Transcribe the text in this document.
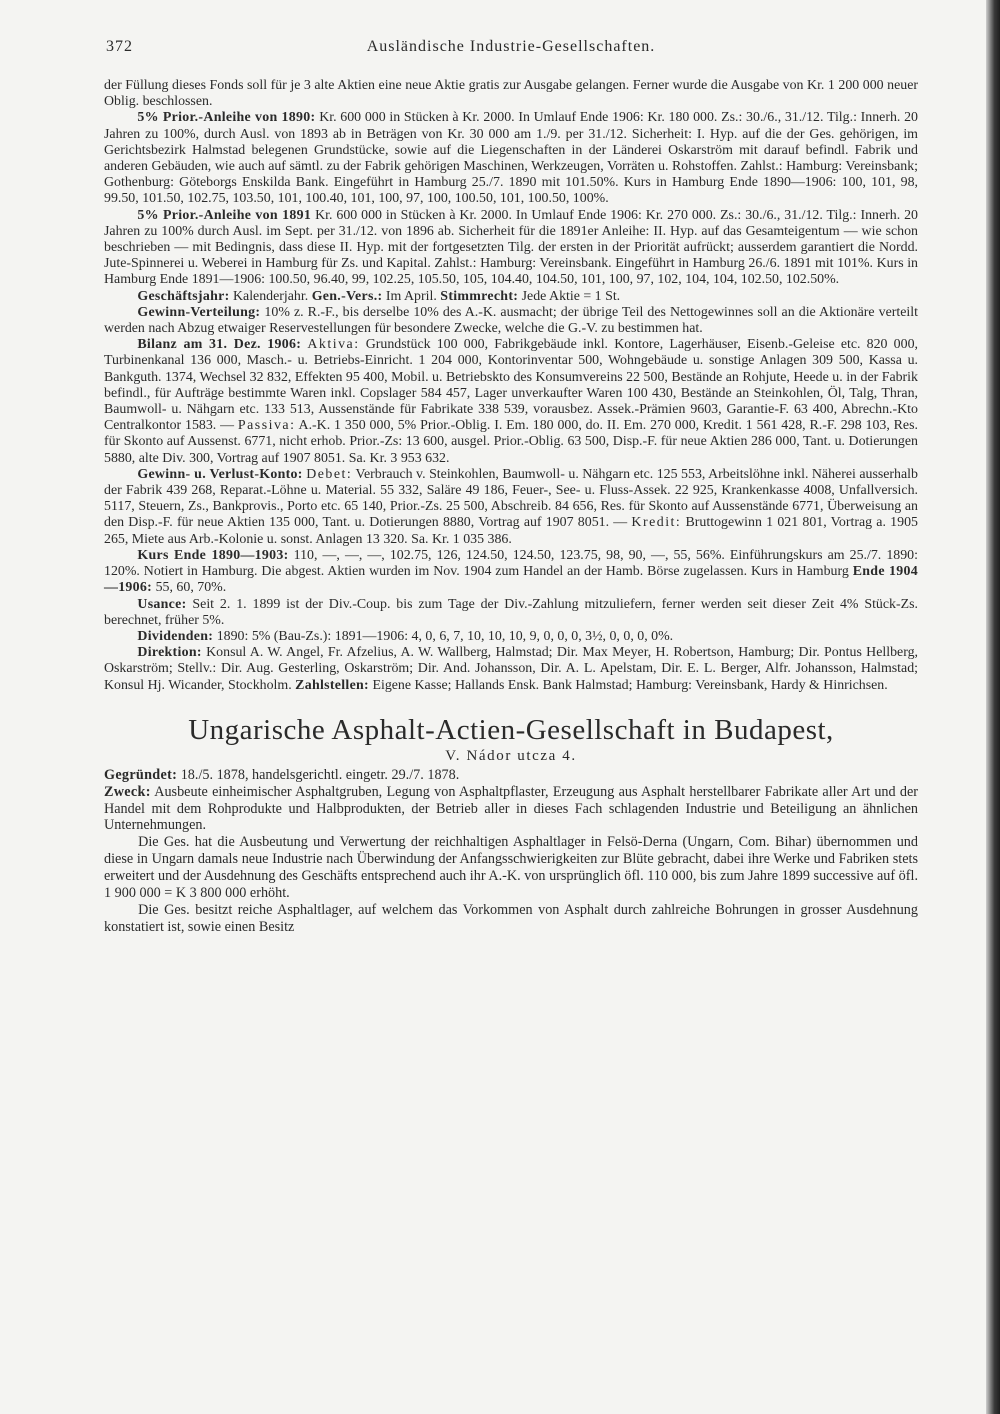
372	Ausländische Industrie-Gesellschaften.

der Füllung dieses Fonds soll für je 3 alte Aktien eine neue Aktie gratis zur Ausgabe gelangen. Ferner wurde die Ausgabe von Kr. 1 200 000 neuer Oblig. beschlossen.

5% Prior.-Anleihe von 1890: Kr. 600 000 in Stücken à Kr. 2000. In Umlauf Ende 1906: Kr. 180 000. Zs.: 30./6., 31./12. Tilg.: Innerh. 20 Jahren zu 100%, durch Ausl. von 1893 ab in Beträgen von Kr. 30 000 am 1./9. per 31./12. Sicherheit: I. Hyp. auf die der Ges. gehörigen, im Gerichtsbezirk Halmstad belegenen Grundstücke, sowie auf die Liegenschaften in der Länderei Oskarström mit darauf befindl. Fabrik und anderen Gebäuden, wie auch auf sämtl. zu der Fabrik gehörigen Maschinen, Werkzeugen, Vorräten u. Rohstoffen. Zahlst.: Hamburg: Vereinsbank; Gothenburg: Göteborgs Enskilda Bank. Eingeführt in Hamburg 25./7. 1890 mit 101.50%. Kurs in Hamburg Ende 1890—1906: 100, 101, 98, 99.50, 101.50, 102.75, 103.50, 101, 100.40, 101, 100, 97, 100, 100.50, 101, 100.50, 100%.

5% Prior.-Anleihe von 1891 Kr. 600 000 in Stücken à Kr. 2000. In Umlauf Ende 1906: Kr. 270 000. Zs.: 30./6., 31./12. Tilg.: Innerh. 20 Jahren zu 100% durch Ausl. im Sept. per 31./12. von 1896 ab. Sicherheit für die 1891er Anleihe: II. Hyp. auf das Gesamteigentum — wie schon beschrieben — mit Bedingnis, dass diese II. Hyp. mit der fortgesetzten Tilg. der ersten in der Priorität aufrückt; ausserdem garantiert die Nordd. Jute-Spinnerei u. Weberei in Hamburg für Zs. und Kapital. Zahlst.: Hamburg: Vereinsbank. Eingeführt in Hamburg 26./6. 1891 mit 101%. Kurs in Hamburg Ende 1891—1906: 100.50, 96.40, 99, 102.25, 105.50, 105, 104.40, 104.50, 101, 100, 97, 102, 104, 104, 102.50, 102.50%.

Geschäftsjahr: Kalenderjahr. Gen.-Vers.: Im April. Stimmrecht: Jede Aktie = 1 St.

Gewinn-Verteilung: 10% z. R.-F., bis derselbe 10% des A.-K. ausmacht; der übrige Teil des Nettogewinnes soll an die Aktionäre verteilt werden nach Abzug etwaiger Reservestellungen für besondere Zwecke, welche die G.-V. zu bestimmen hat.

Bilanz am 31. Dez. 1906: Aktiva: Grundstück 100 000, Fabrikgebäude inkl. Kontore, Lagerhäuser, Eisenb.-Geleise etc. 820 000, Turbinenkanal 136 000, Masch.- u. Betriebs-Einricht. 1 204 000, Kontorinventar 500, Wohngebäude u. sonstige Anlagen 309 500, Kassa u. Bankguth. 1374, Wechsel 32 832, Effekten 95 400, Mobil. u. Betriebskto des Konsumvereins 22 500, Bestände an Rohjute, Heede u. in der Fabrik befindl., für Aufträge bestimmte Waren inkl. Copslager 584 457, Lager unverkaufter Waren 100 430, Bestände an Steinkohlen, Öl, Talg, Thran, Baumwoll- u. Nähgarn etc. 133 513, Aussenstände für Fabrikate 338 539, vorausbez. Assek.-Prämien 9603, Garantie-F. 63 400, Abrechn.-Kto Centralkontor 1583. — Passiva: A.-K. 1 350 000, 5% Prior.-Oblig. I. Em. 180 000, do. II. Em. 270 000, Kredit. 1 561 428, R.-F. 298 103, Res. für Skonto auf Aussenst. 6771, nicht erhob. Prior.-Zs: 13 600, ausgel. Prior.-Oblig. 63 500, Disp.-F. für neue Aktien 286 000, Tant. u. Dotierungen 5880, alte Div. 300, Vortrag auf 1907 8051. Sa. Kr. 3 953 632.

Gewinn- u. Verlust-Konto: Debet: Verbrauch v. Steinkohlen, Baumwoll- u. Nähgarn etc. 125 553, Arbeitslöhne inkl. Näherei ausserhalb der Fabrik 439 268, Reparat.-Löhne u. Material. 55 332, Saläre 49 186, Feuer-, See- u. Fluss-Assek. 22 925, Krankenkasse 4008, Unfallversich. 5117, Steuern, Zs., Bankprovis., Porto etc. 65 140, Prior.-Zs. 25 500, Abschreib. 84 656, Res. für Skonto auf Aussenstände 6771, Überweisung an den Disp.-F. für neue Aktien 135 000, Tant. u. Dotierungen 8880, Vortrag auf 1907 8051. — Kredit: Bruttogewinn 1 021 801, Vortrag a. 1905 265, Miete aus Arb.-Kolonie u. sonst. Anlagen 13 320. Sa. Kr. 1 035 386.

Kurs Ende 1890—1903: 110, —, —, —, 102.75, 126, 124.50, 124.50, 123.75, 98, 90, —, 55, 56%. Einführungskurs am 25./7. 1890: 120%. Notiert in Hamburg. Die abgest. Aktien wurden im Nov. 1904 zum Handel an der Hamb. Börse zugelassen. Kurs in Hamburg Ende 1904—1906: 55, 60, 70%.

Usance: Seit 2. 1. 1899 ist der Div.-Coup. bis zum Tage der Div.-Zahlung mitzuliefern, ferner werden seit dieser Zeit 4% Stück-Zs. berechnet, früher 5%.

Dividenden: 1890: 5% (Bau-Zs.): 1891—1906: 4, 0, 6, 7, 10, 10, 10, 9, 0, 0, 0, 3½, 0, 0, 0, 0%.

Direktion: Konsul A. W. Angel, Fr. Afzelius, A. W. Wallberg, Halmstad; Dir. Max Meyer, H. Robertson, Hamburg; Dir. Pontus Hellberg, Oskarström; Stellv.: Dir. Aug. Gesterling, Oskarström; Dir. And. Johansson, Dir. A. L. Apelstam, Dir. E. L. Berger, Alfr. Johansson, Halmstad; Konsul Hj. Wicander, Stockholm. Zahlstellen: Eigene Kasse; Hallands Ensk. Bank Halmstad; Hamburg: Vereinsbank, Hardy & Hinrichsen.

Ungarische Asphalt-Actien-Gesellschaft in Budapest,
V. Nádor utcza 4.

Gegründet: 18./5. 1878, handelsgerichtl. eingetr. 29./7. 1878.

Zweck: Ausbeute einheimischer Asphaltgruben, Legung von Asphaltpflaster, Erzeugung aus Asphalt herstellbarer Fabrikate aller Art und der Handel mit dem Rohprodukte und Halbprodukten, der Betrieb aller in dieses Fach schlagenden Industrie und Beteiligung an ähnlichen Unternehmungen.

Die Ges. hat die Ausbeutung und Verwertung der reichhaltigen Asphaltlager in Felsö-Derna (Ungarn, Com. Bihar) übernommen und diese in Ungarn damals neue Industrie nach Überwindung der Anfangsschwierigkeiten zur Blüte gebracht, dabei ihre Werke und Fabriken stets erweitert und der Ausdehnung des Geschäfts entsprechend auch ihr A.-K. von ursprünglich öfl. 110 000, bis zum Jahre 1899 successive auf öfl. 1 900 000 = K 3 800 000 erhöht.

Die Ges. besitzt reiche Asphaltlager, auf welchem das Vorkommen von Asphalt durch zahlreiche Bohrungen in grosser Ausdehnung konstatiert ist, sowie einen Besitz
